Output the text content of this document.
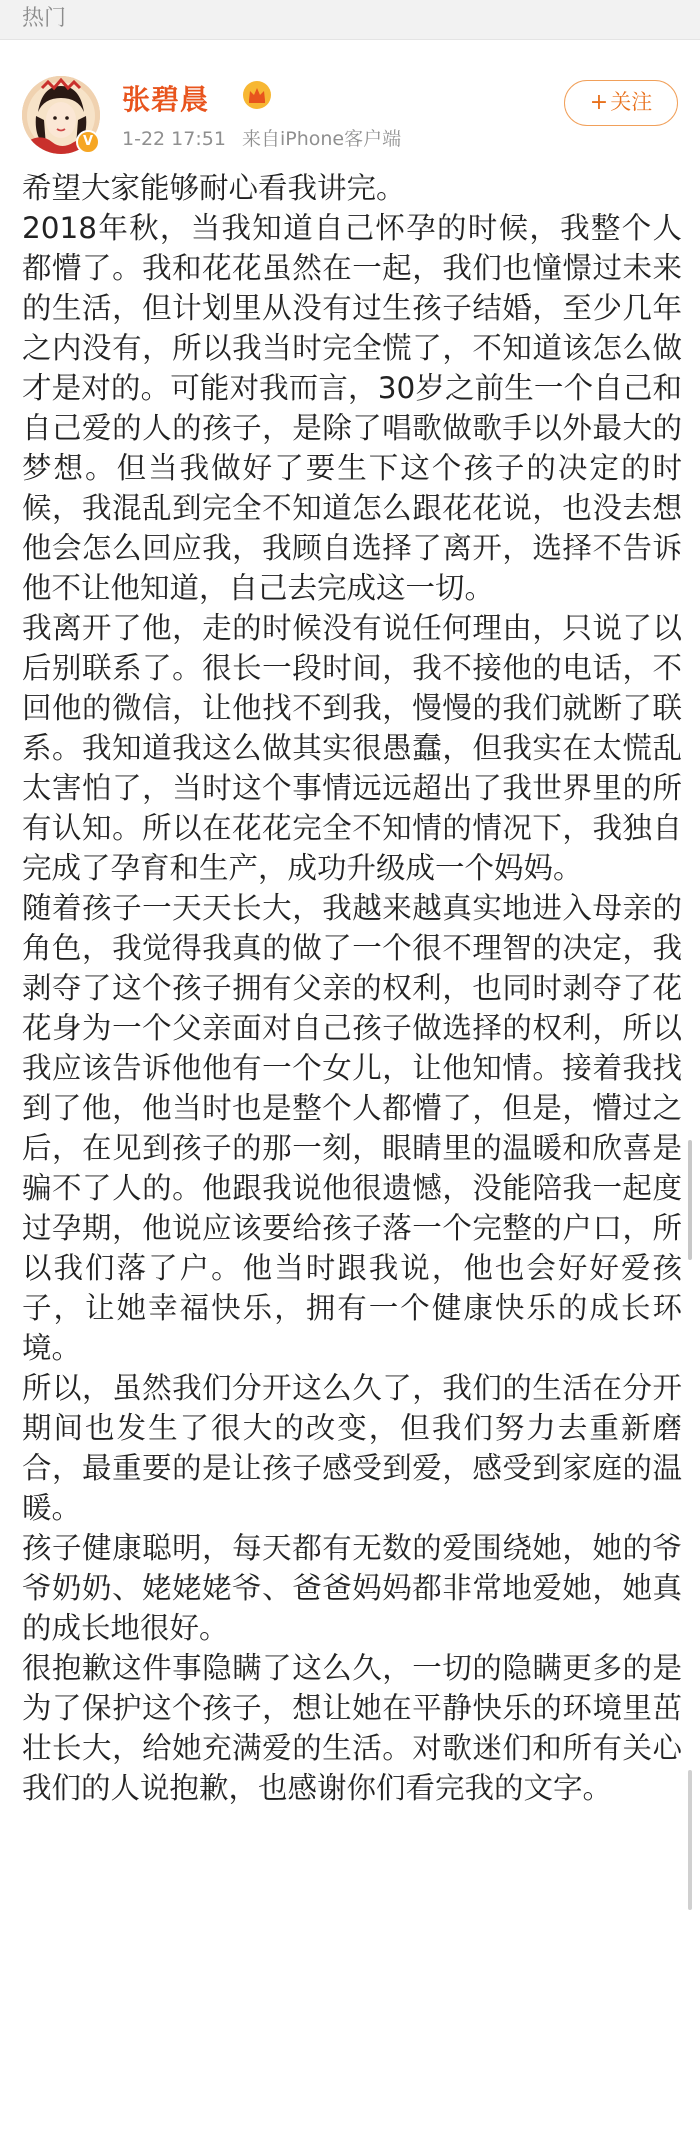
热门
V
张碧晨
1-22 17:51 来自iPhone客户端
+关注

希望大家能够耐心看我讲完。

2018年秋，当我知道自己怀孕的时候，我整个人都懵了。我和花花虽然在一起，我们也憧憬过未来的生活，但计划里从没有过生孩子结婚，至少几年之内没有，所以我当时完全慌了，不知道该怎么做才是对的。可能对我而言，30岁之前生一个自己和自己爱的人的孩子，是除了唱歌做歌手以外最大的梦想。但当我做好了要生下这个孩子的决定的时候，我混乱到完全不知道怎么跟花花说，也没去想他会怎么回应我，我顾自选择了离开，选择不告诉他不让他知道，自己去完成这一切。

我离开了他，走的时候没有说任何理由，只说了以后别联系了。很长一段时间，我不接他的电话，不回他的微信，让他找不到我，慢慢的我们就断了联系。我知道我这么做其实很愚蠢，但我实在太慌乱太害怕了，当时这个事情远远超出了我世界里的所有认知。所以在花花完全不知情的情况下，我独自完成了孕育和生产，成功升级成一个妈妈。

随着孩子一天天长大，我越来越真实地进入母亲的角色，我觉得我真的做了一个很不理智的决定，我剥夺了这个孩子拥有父亲的权利，也同时剥夺了花花身为一个父亲面对自己孩子做选择的权利，所以我应该告诉他他有一个女儿，让他知情。接着我找到了他，他当时也是整个人都懵了，但是，懵过之后，在见到孩子的那一刻，眼睛里的温暖和欣喜是骗不了人的。他跟我说他很遗憾，没能陪我一起度过孕期，他说应该要给孩子落一个完整的户口，所以我们落了户。他当时跟我说，他也会好好爱孩子，让她幸福快乐，拥有一个健康快乐的成长环境。

所以，虽然我们分开这么久了，我们的生活在分开期间也发生了很大的改变，但我们努力去重新磨合，最重要的是让孩子感受到爱，感受到家庭的温暖。

孩子健康聪明，每天都有无数的爱围绕她，她的爷爷奶奶、姥姥姥爷、爸爸妈妈都非常地爱她，她真的成长地很好。

很抱歉这件事隐瞒了这么久，一切的隐瞒更多的是为了保护这个孩子，想让她在平静快乐的环境里茁壮长大，给她充满爱的生活。对歌迷们和所有关心我们的人说抱歉，也感谢你们看完我的文字。
